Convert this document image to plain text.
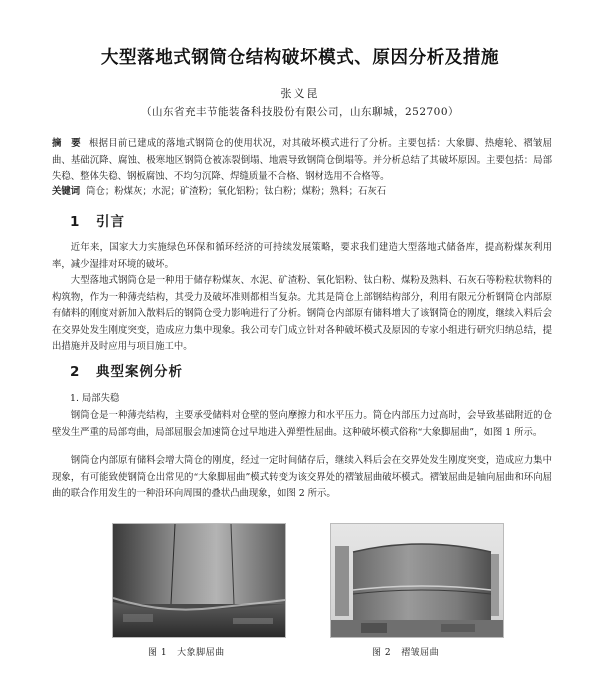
大型落地式钢筒仓结构破坏模式、原因分析及措施
张义昆
（山东省充丰节能装备科技股份有限公司，山东聊城，252700）
摘　要 根据目前已建成的落地式钢筒仓的使用状况，对其破坏模式进行了分析。主要包括：大象脚、热瘪轮、褶皱屈曲、基础沉降、腐蚀、极寒地区钢筒仓被冻裂倒塌、地震导致钢筒仓倒塌等。并分析总结了其破坏原因。主要包括：局部失稳、整体失稳、钢板腐蚀、不均匀沉降、焊缝质量不合格、钢材选用不合格等。
关键词 筒仓；粉煤灰；水泥；矿渣粉；氧化铝粉；钛白粉；煤粉；熟料；石灰石
1 引言

近年来，国家大力实施绿色环保和循环经济的可持续发展策略，要求我们建造大型落地式储备库，提高粉煤灰利用率，减少湿排对环境的破坏。

大型落地式钢筒仓是一种用于储存粉煤灰、水泥、矿渣粉、氧化铝粉、钛白粉、煤粉及熟料、石灰石等粉粒状物料的构筑物，作为一种薄壳结构，其受力及破坏准则都相当复杂。尤其是筒仓上部钢结构部分，利用有限元分析钢筒仓内部原有储料的刚度对新加入散料后的钢筒仓受力影响进行了分析。钢筒仓内部原有储料增大了该钢筒仓的刚度，继续入料后会在交界处发生刚度突变，造成应力集中现象。我公司专门成立针对各种破坏模式及原因的专家小组进行研究归纳总结，提出措施并及时应用与项目施工中。

2 典型案例分析
1. 局部失稳

钢筒仓是一种薄壳结构，主要承受储料对仓壁的竖向摩擦力和水平压力。筒仓内部压力过高时，会导致基础附近的仓壁发生严重的局部弯曲，局部屈服会加速筒仓过早地进入弹塑性屈曲。这种破坏模式俗称“大象脚屈曲”，如图 1 所示。

钢筒仓内部原有储料会增大筒仓的刚度，经过一定时间储存后，继续入料后会在交界处发生刚度突变，造成应力集中现象，有可能致使钢筒仓出常见的“大象脚屈曲”模式转变为该交界处的褶皱屈曲破坏模式。褶皱屈曲是轴向屈曲和环向屈曲的联合作用发生的一种沿环向周围的叠状凸曲现象，如图 2 所示。

图 1 大象脚屈曲	图 2 褶皱屈曲
